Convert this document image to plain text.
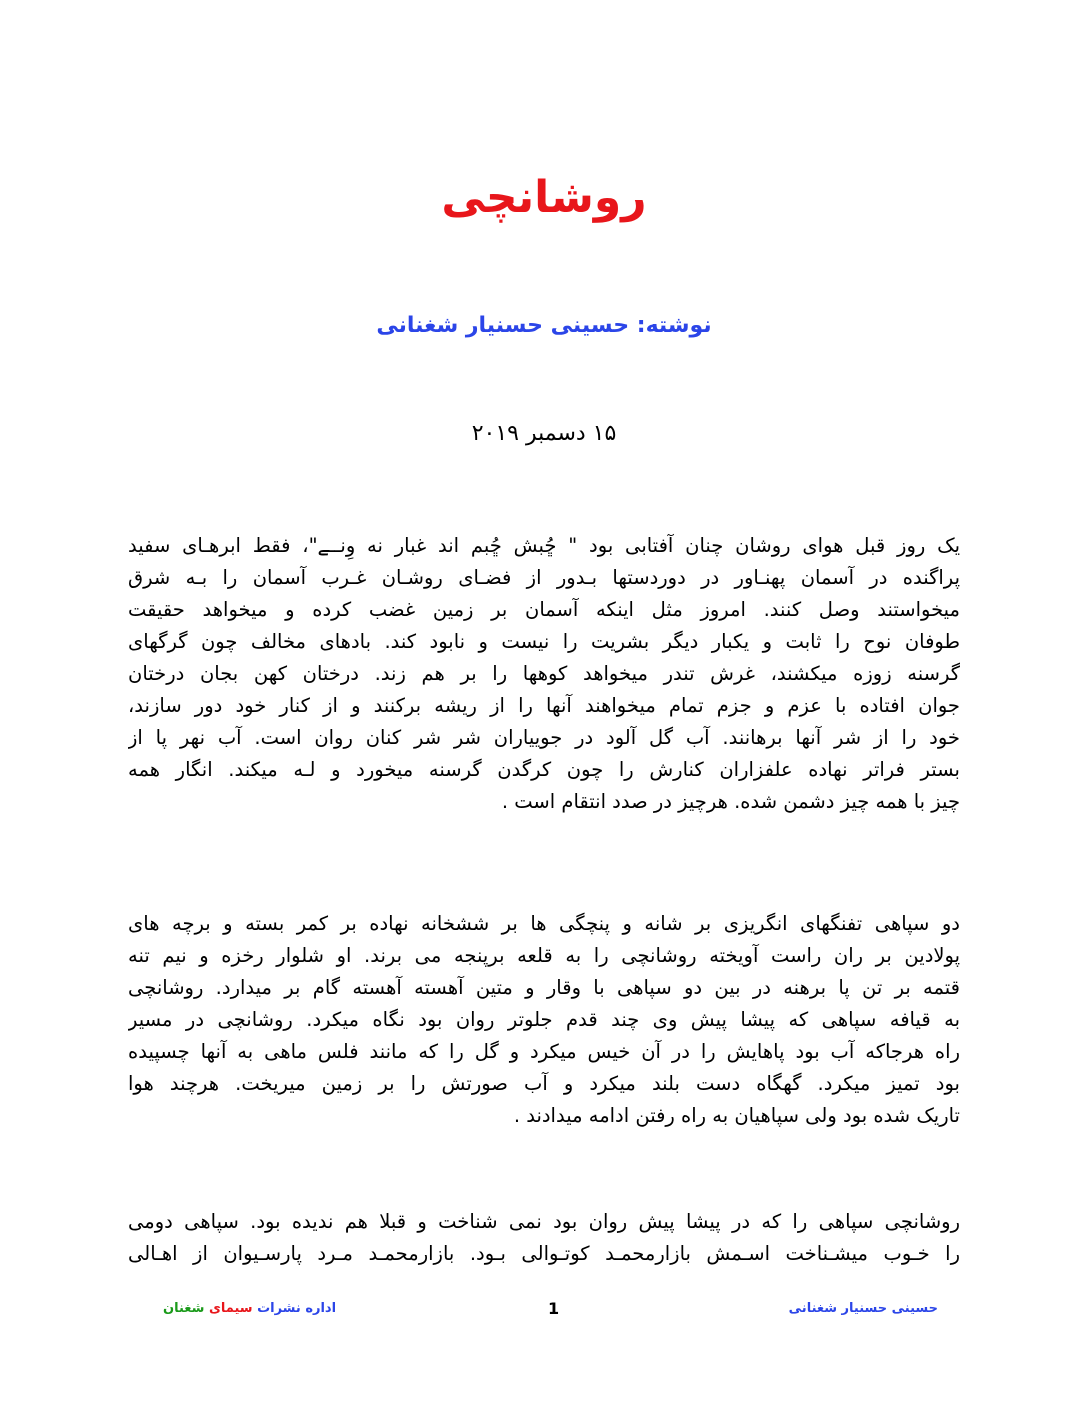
روشانچی
نوشته: حسینی حسنیار شغنانی
۱۵ دسمبر ۲۰۱۹
یک روز قبل هوای روشان چنان آفتابی بود " ڇُبش ڇُبم اند غبار نه وِنــے"، فقط ابرهـای سفید
پراگنده در آسمان پهنـاور در دوردستها بـدور از فضـای روشـان غـرب آسمان را بـه شرق
میخواستند وصل کنند. امروز مثل اینکه آسمان بر زمین غضب کرده و میخواهد حقیقت
طوفان نوح را ثابت و یکبار دیگر بشریت را نیست و نابود کند. بادهای مخالف چون گرگهای
گرسنه زوزه میکشند، غرش تندر میخواهد کوهها را بر هم زند. درختان کهن بجان درختان
جوان افتاده با عزم و جزم تمام میخواهند آنها را از ریشه برکنند و از کنار خود دور سازند،
خود را از شر آنها برهانند. آب گل آلود در جوییاران شر شر کنان روان است. آب نهر پا از
بستر فراتر نهاده علفزاران کنارش را چون کرگدن گرسنه میخورد و لـه میکند. انگار همه
چیز با همه چیز دشمن شده. هرچیز در صدد انتقام است .
دو سپاهی تفنگهای انگریزی بر شانه و پنچگی ها بر ششخانه نهاده بر کمر بسته و برچه های
پولادین بر ران راست آویخته روشانچی را به قلعه برپنجه می برند. او شلوار رخزه و نیم تنه
قتمه بر تن پا برهنه در بین دو سپاهی با وقار و متین آهسته آهسته گام بر میدارد. روشانچی
به قیافه سپاهی که پیشا پیش وی چند قدم جلوتر روان بود نگاه میکرد. روشانچی در مسیر
راه هرجاکه آب بود پاهایش را در آن خیس میکرد و گل را که مانند فلس ماهی به آنها چسپیده
بود تمیز میکرد. گهگاه دست بلند میکرد و آب صورتش را بر زمین میریخت. هرچند هوا
تاریک شده بود ولی سپاهیان به راه رفتن ادامه میدادند .
روشانچی سپاهی را که در پیشا پیش روان بود نمی شناخت و قبلا هم ندیده بود. سپاهی دومی
را خـوب میشـناخت اسـمش بازارمحمـد کوتـوالی بـود. بازارمحمـد مـرد پارسـیوان از اهـالی
حسینی حسنیار شغنانی
1
اداره نشرات سیمای شغنان
